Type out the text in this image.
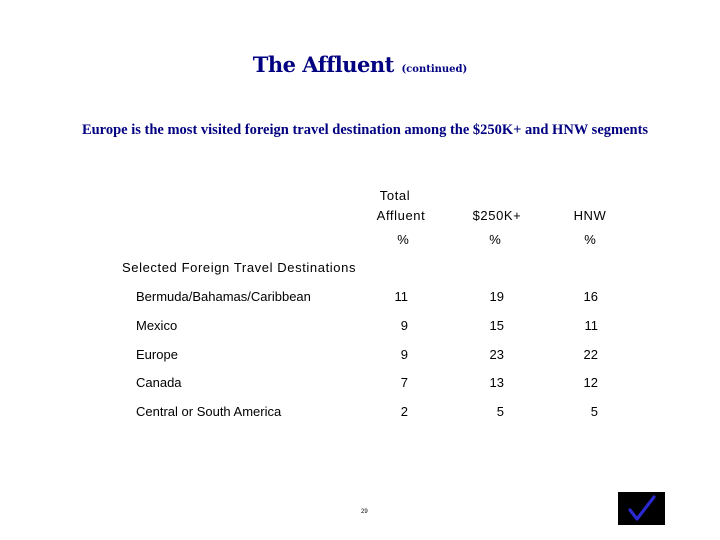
The Affluent (continued)
Europe is the most visited foreign travel destination among the $250K+ and HNW segments
Total
Affluent	$250K+	HNW
%	%	%
Selected Foreign Travel Destinations
Bermuda/Bahamas/Caribbean	11	19	16
Mexico	9	15	11
Europe	9	23	22
Canada	7	13	12
Central or South America	2	5	5
29
